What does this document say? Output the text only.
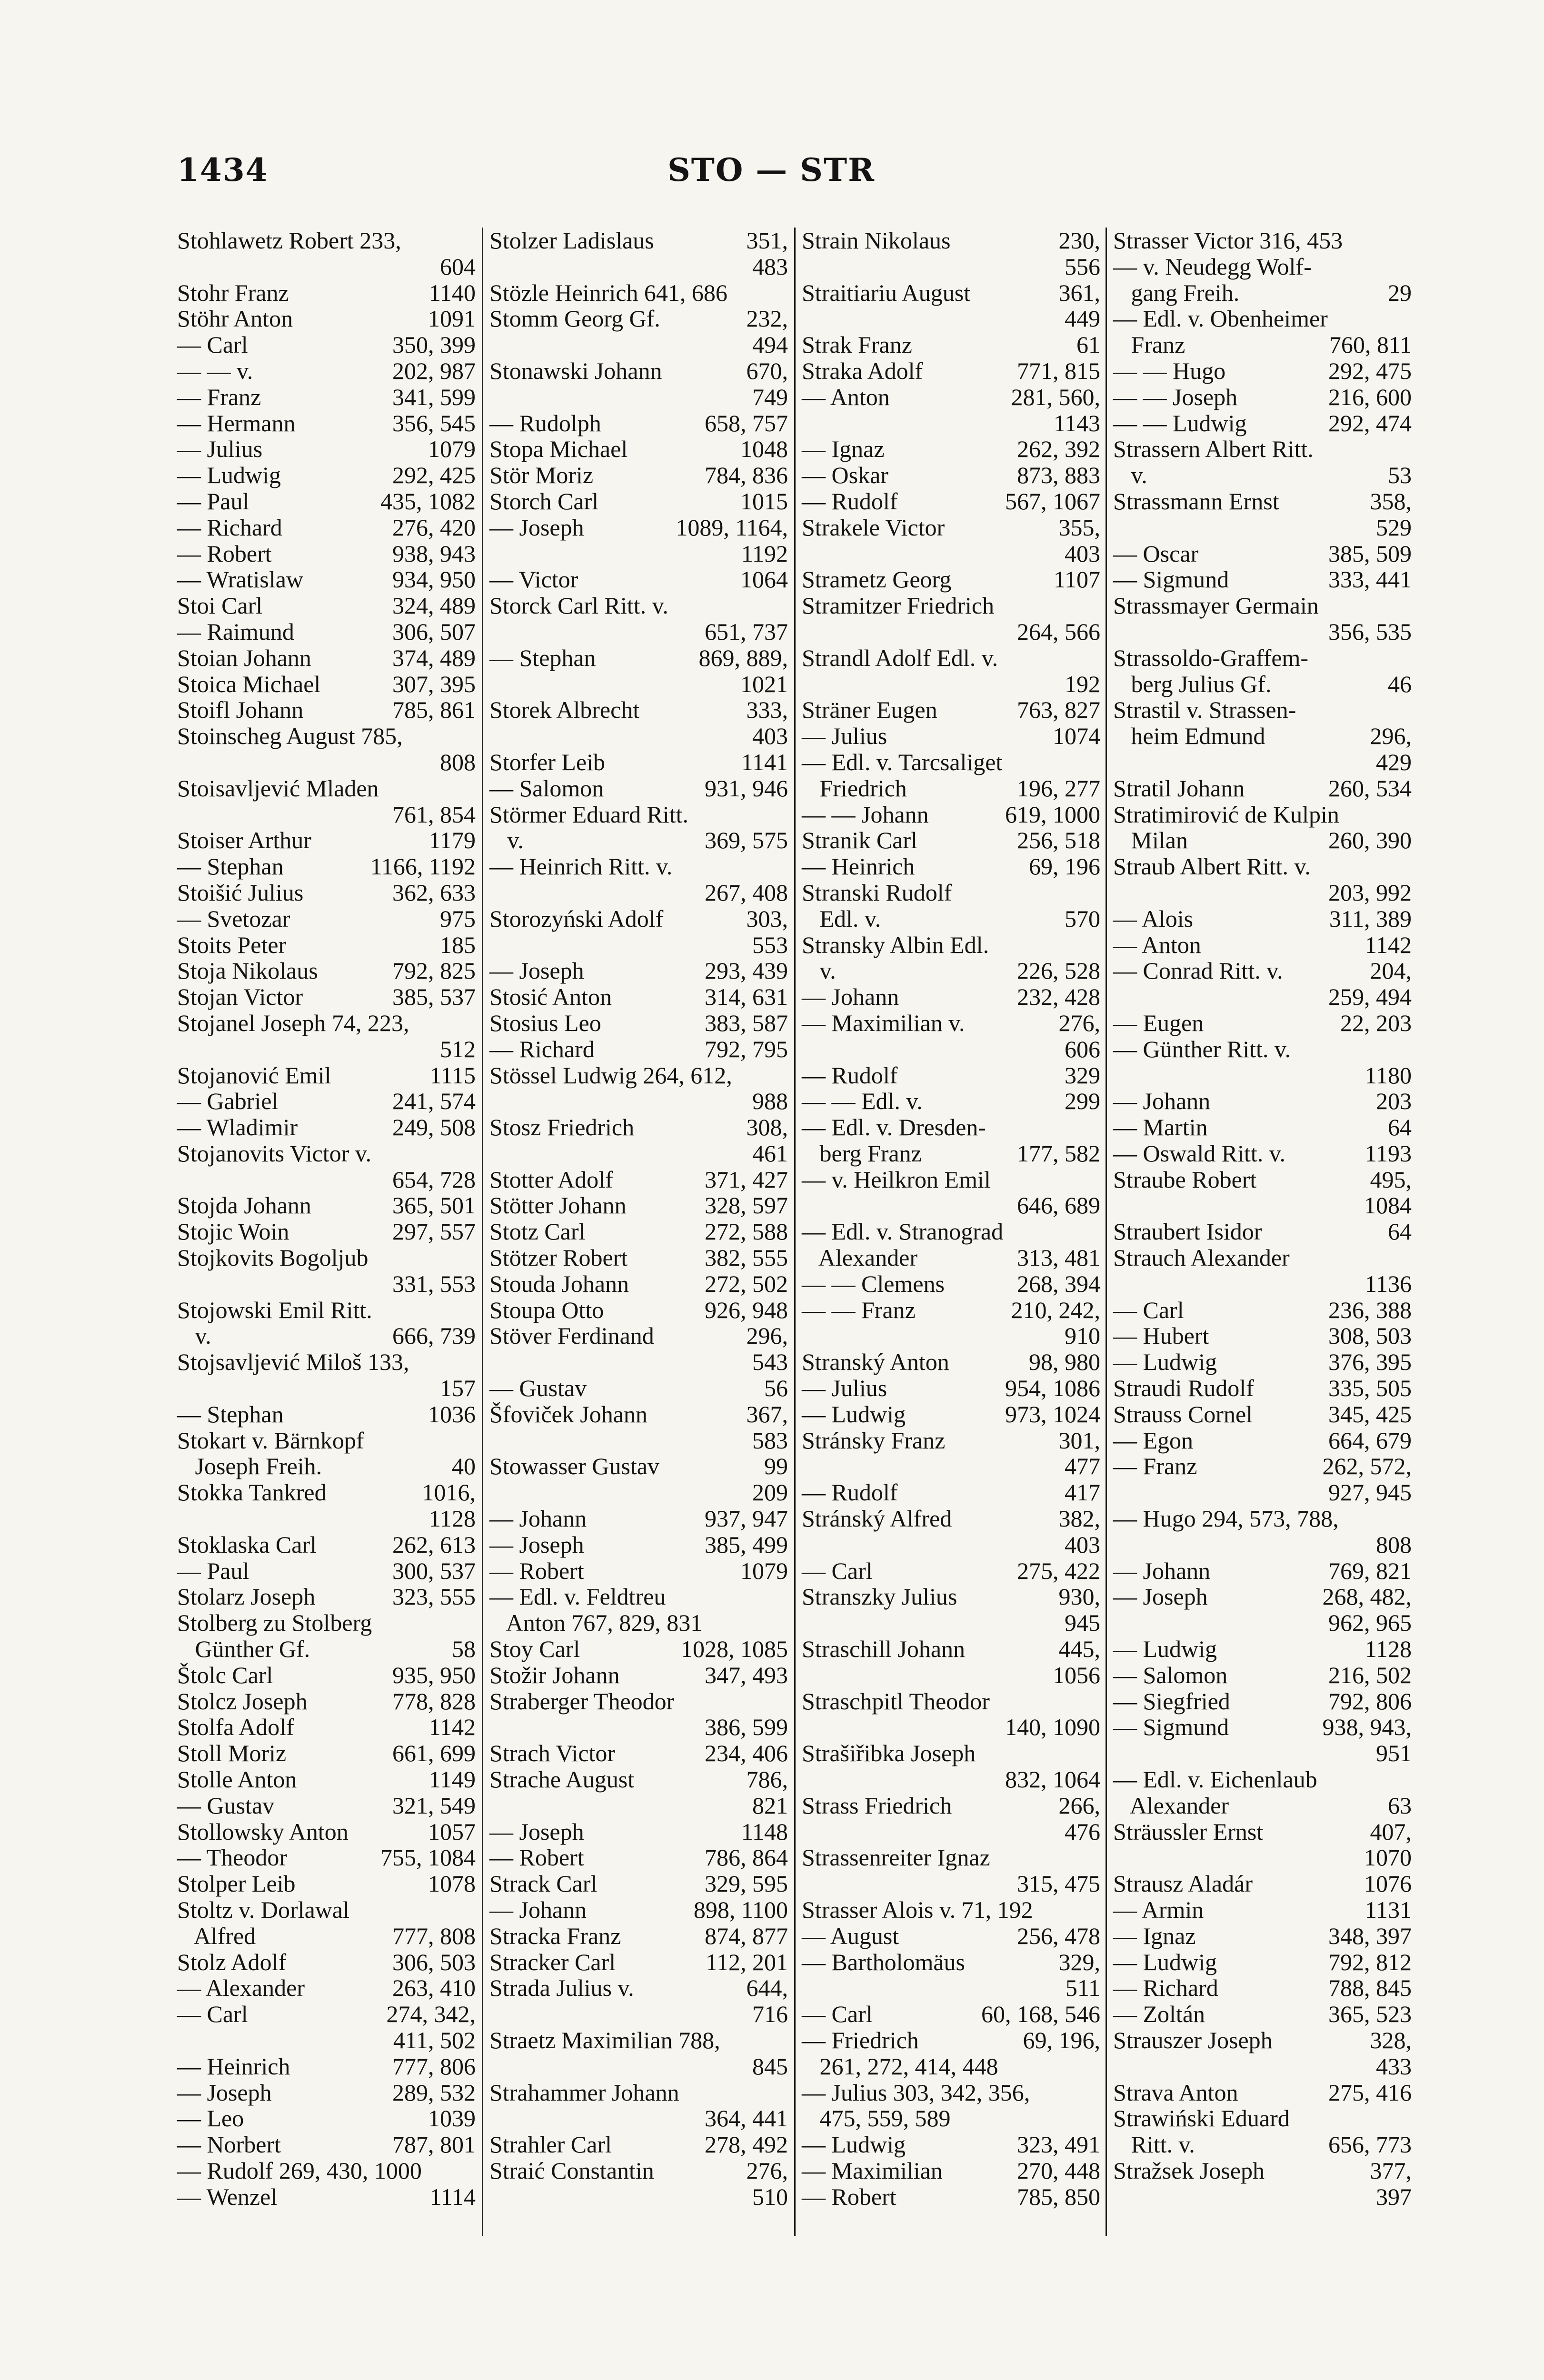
1434	STO — STR
Stohlawetz Robert 233,
604
1140
Stohr Franz
1091
Stöhr Anton
350, 399
— Carl
202, 987
— — v.
341, 599
— Franz
356, 545
— Hermann
1079
— Julius
292, 425
— Ludwig
435, 1082
— Paul
276, 420
— Richard
938, 943
— Robert
934, 950
— Wratislaw
324, 489
Stoi Carl
306, 507
— Raimund
374, 489
Stoian Johann
307, 395
Stoica Michael
785, 861
Stoifl Johann
Stoinscheg August 785,
808
Stoisavljević Mladen
761, 854
1179
Stoiser Arthur
1166, 1192
— Stephan
362, 633
Stoišić Julius
975
— Svetozar
185
Stoits Peter
792, 825
Stoja Nikolaus
385, 537
Stojan Victor
Stojanel Joseph 74, 223,
512
1115
Stojanović Emil
241, 574
— Gabriel
249, 508
— Wladimir
Stojanovits Victor v.
654, 728
365, 501
Stojda Johann
297, 557
Stojic Woin
Stojkovits Bogoljub
331, 553
Stojowski Emil Ritt.
666, 739
v.
Stojsavljević Miloš 133,
157
1036
— Stephan
Stokart v. Bärnkopf
40
Joseph Freih.
1016,
Stokka Tankred
1128
262, 613
Stoklaska Carl
300, 537
— Paul
323, 555
Stolarz Joseph
Stolberg zu Stolberg
58
Günther Gf.
935, 950
Štolc Carl
778, 828
Stolcz Joseph
1142
Stolfa Adolf
661, 699
Stoll Moriz
1149
Stolle Anton
321, 549
— Gustav
1057
Stollowsky Anton
755, 1084
— Theodor
1078
Stolper Leib
Stoltz v. Dorlawal
777, 808
Alfred
306, 503
Stolz Adolf
263, 410
— Alexander
274, 342,
— Carl
411, 502
777, 806
— Heinrich
289, 532
— Joseph
1039
— Leo
787, 801
— Norbert
— Rudolf 269, 430, 1000
1114
— Wenzel
351,
Stolzer Ladislaus
483
Stözle Heinrich 641, 686
232,
Stomm Georg Gf.
494
670,
Stonawski Johann
749
658, 757
— Rudolph
1048
Stopa Michael
784, 836
Stör Moriz
1015
Storch Carl
1089, 1164,
— Joseph
1192
1064
— Victor
Storck Carl Ritt. v.
651, 737
869, 889,
— Stephan
1021
333,
Storek Albrecht
403
1141
Storfer Leib
931, 946
— Salomon
Störmer Eduard Ritt.
369, 575
v.
— Heinrich Ritt. v.
267, 408
303,
Storozyński Adolf
553
293, 439
— Joseph
314, 631
Stosić Anton
383, 587
Stosius Leo
792, 795
— Richard
Stössel Ludwig 264, 612,
988
308,
Stosz Friedrich
461
371, 427
Stotter Adolf
328, 597
Stötter Johann
272, 588
Stotz Carl
382, 555
Stötzer Robert
272, 502
Stouda Johann
926, 948
Stoupa Otto
296,
Stöver Ferdinand
543
56
— Gustav
367,
Šfoviček Johann
583
99
Stowasser Gustav
209
937, 947
— Johann
385, 499
— Joseph
1079
— Robert
— Edl. v. Feldtreu
Anton 767, 829, 831
1028, 1085
Stoy Carl
347, 493
Stožir Johann
Straberger Theodor
386, 599
234, 406
Strach Victor
786,
Strache August
821
1148
— Joseph
786, 864
— Robert
329, 595
Strack Carl
898, 1100
— Johann
874, 877
Stracka Franz
112, 201
Stracker Carl
644,
Strada Julius v.
716
Straetz Maximilian 788,
845
Strahammer Johann
364, 441
278, 492
Strahler Carl
276,
Straić Constantin
510
230,
Strain Nikolaus
556
361,
Straitiariu August
449
61
Strak Franz
771, 815
Straka Adolf
281, 560,
— Anton
1143
262, 392
— Ignaz
873, 883
— Oskar
567, 1067
— Rudolf
355,
Strakele Victor
403
1107
Strametz Georg
Stramitzer Friedrich
264, 566
Strandl Adolf Edl. v.
192
763, 827
Sträner Eugen
1074
— Julius
— Edl. v. Tarcsaliget
196, 277
Friedrich
619, 1000
— — Johann
256, 518
Stranik Carl
69, 196
— Heinrich
Stranski Rudolf
570
Edl. v.
Stransky Albin Edl.
226, 528
v.
232, 428
— Johann
276,
— Maximilian v.
606
329
— Rudolf
299
— — Edl. v.
— Edl. v. Dresden-
177, 582
berg Franz
— v. Heilkron Emil
646, 689
— Edl. v. Stranograd
313, 481
Alexander
268, 394
— — Clemens
210, 242,
— — Franz
910
98, 980
Stranský Anton
954, 1086
— Julius
973, 1024
— Ludwig
301,
Stránsky Franz
477
417
— Rudolf
382,
Stránský Alfred
403
275, 422
— Carl
930,
Stranszky Julius
945
445,
Straschill Johann
1056
Straschpitl Theodor
140, 1090
Strašiřibka Joseph
832, 1064
266,
Strass Friedrich
476
Strassenreiter Ignaz
315, 475
Strasser Alois v. 71, 192
256, 478
— August
329,
— Bartholomäus
511
60, 168, 546
— Carl
69, 196,
— Friedrich
261, 272, 414, 448
— Julius 303, 342, 356,
475, 559, 589
323, 491
— Ludwig
270, 448
— Maximilian
785, 850
— Robert
Strasser Victor 316, 453
— v. Neudegg Wolf-
29
gang Freih.
— Edl. v. Obenheimer
760, 811
Franz
292, 475
— — Hugo
216, 600
— — Joseph
292, 474
— — Ludwig
Strassern Albert Ritt.
53
v.
358,
Strassmann Ernst
529
385, 509
— Oscar
333, 441
— Sigmund
Strassmayer Germain
356, 535
Strassoldo-Graffem-
46
berg Julius Gf.
Strastil v. Strassen-
296,
heim Edmund
429
260, 534
Stratil Johann
Stratimirović de Kulpin
260, 390
Milan
Straub Albert Ritt. v.
203, 992
311, 389
— Alois
1142
— Anton
204,
— Conrad Ritt. v.
259, 494
22, 203
— Eugen
— Günther Ritt. v.
1180
203
— Johann
64
— Martin
1193
— Oswald Ritt. v.
495,
Straube Robert
1084
64
Straubert Isidor
Strauch Alexander
1136
236, 388
— Carl
308, 503
— Hubert
376, 395
— Ludwig
335, 505
Straudi Rudolf
345, 425
Strauss Cornel
664, 679
— Egon
262, 572,
— Franz
927, 945
— Hugo 294, 573, 788,
808
769, 821
— Johann
268, 482,
— Joseph
962, 965
1128
— Ludwig
216, 502
— Salomon
792, 806
— Siegfried
938, 943,
— Sigmund
951
— Edl. v. Eichenlaub
63
Alexander
407,
Sträussler Ernst
1070
1076
Strausz Aladár
1131
— Armin
348, 397
— Ignaz
792, 812
— Ludwig
788, 845
— Richard
365, 523
— Zoltán
328,
Strauszer Joseph
433
275, 416
Strava Anton
Strawiński Eduard
656, 773
Ritt. v.
377,
Stražsek Joseph
397
